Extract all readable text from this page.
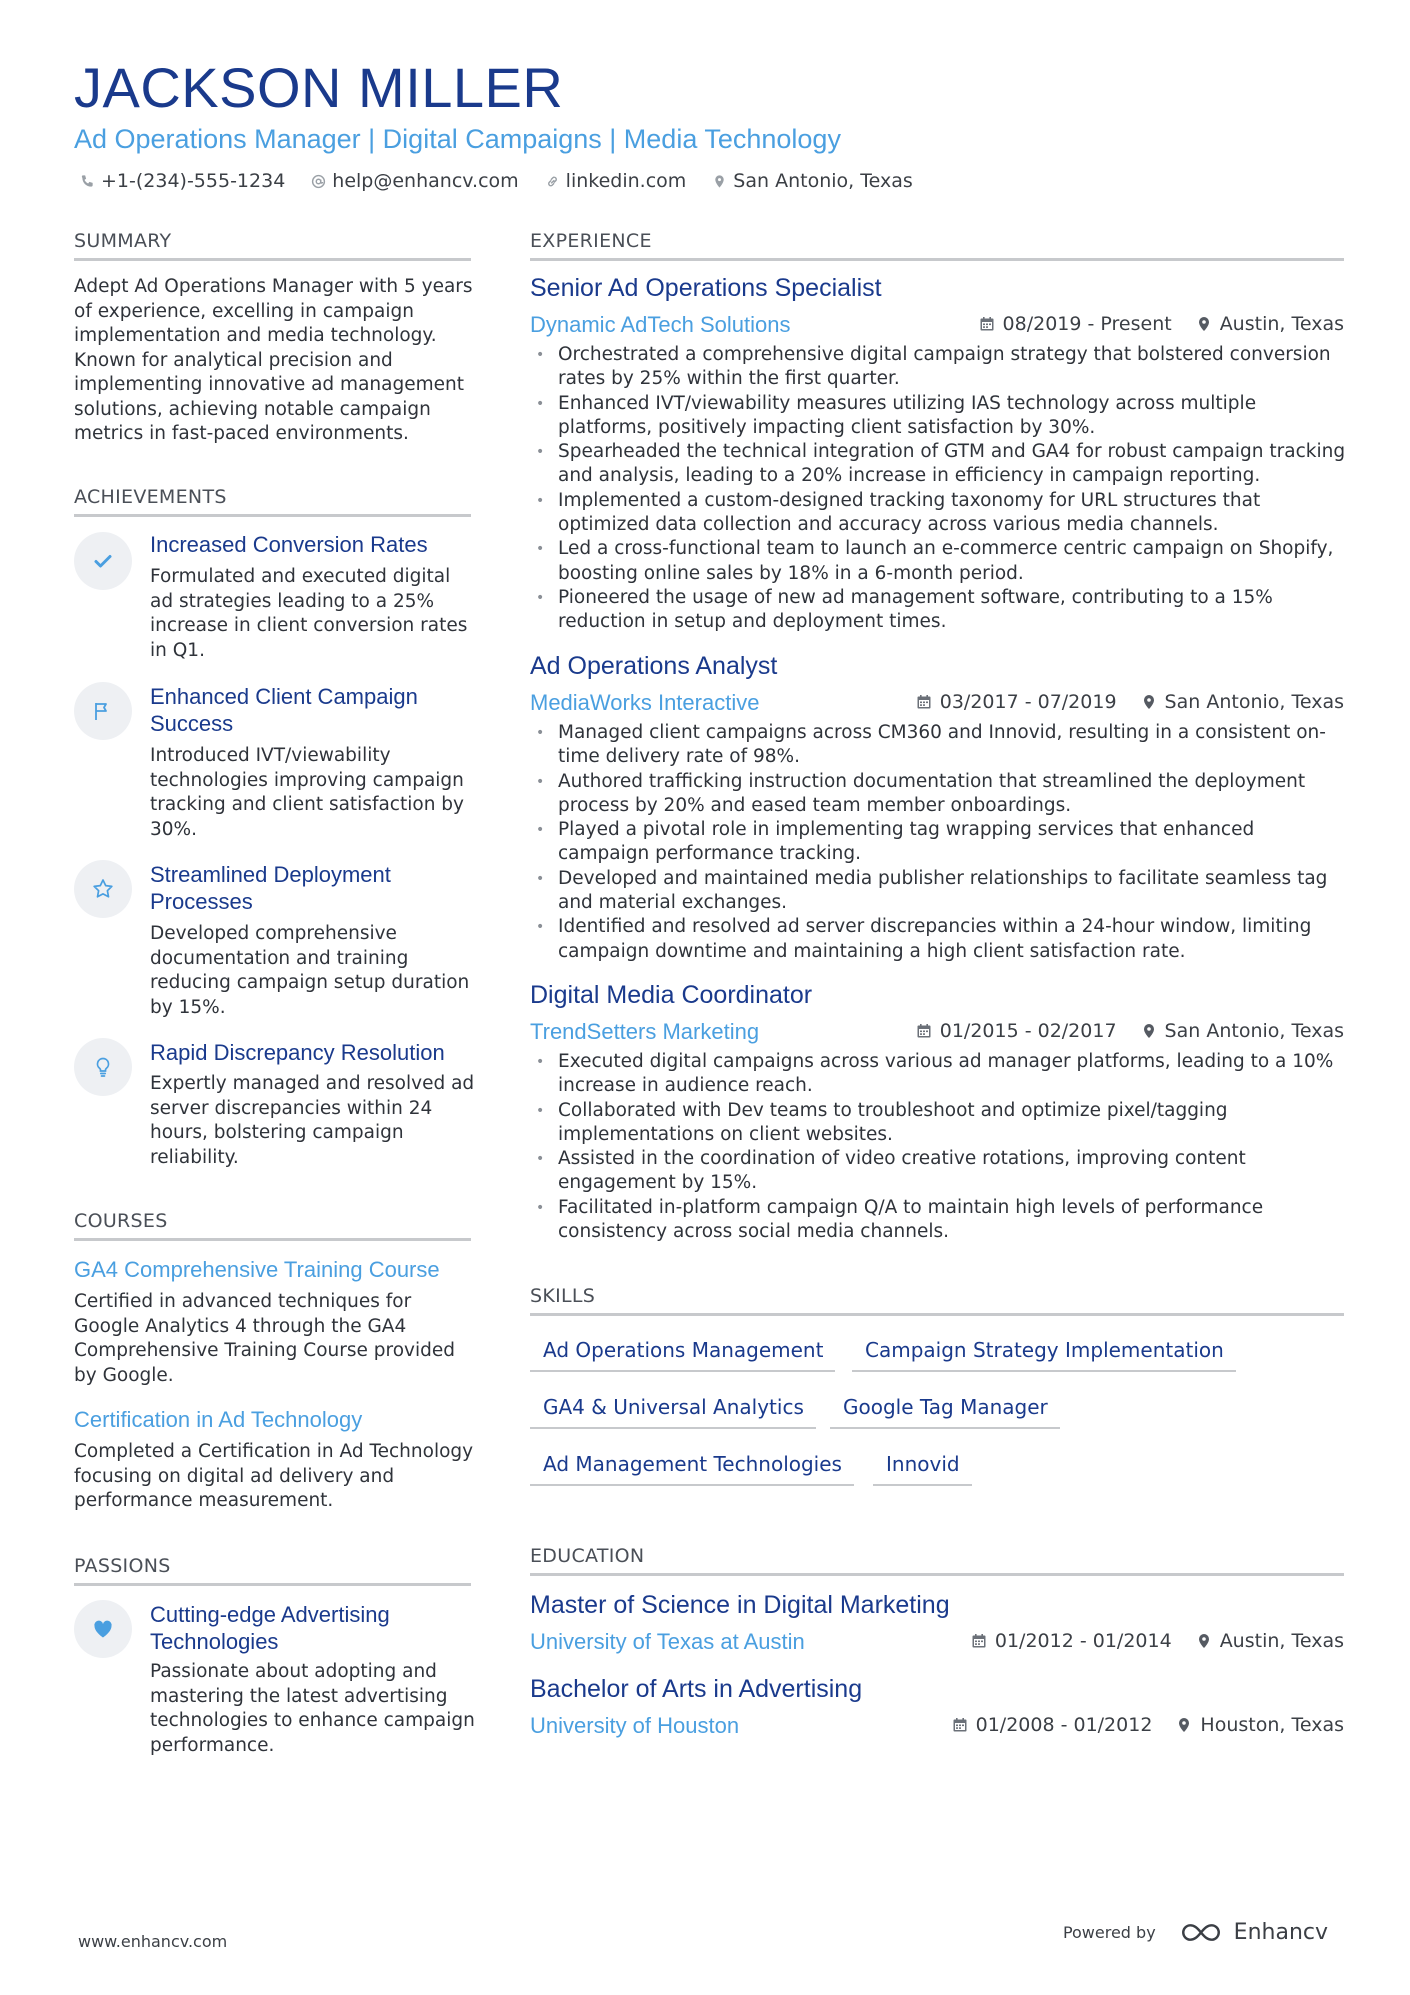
JACKSON MILLER
Ad Operations Manager | Digital Campaigns | Media Technology
+1-(234)-555-1234 help@enhancv.com linkedin.com San Antonio, Texas
SUMMARY
Adept Ad Operations Manager with 5 years of experience, excelling in campaign implementation and media technology. Known for analytical precision and implementing innovative ad management solutions, achieving notable campaign metrics in fast-paced environments.
ACHIEVEMENTS
Increased Conversion Rates
Formulated and executed digital ad strategies leading to a 25% increase in client conversion rates in Q1.
Enhanced Client Campaign Success
Introduced IVT/viewability technologies improving campaign tracking and client satisfaction by 30%.
Streamlined Deployment Processes
Developed comprehensive documentation and training reducing campaign setup duration by 15%.
Rapid Discrepancy Resolution
Expertly managed and resolved ad server discrepancies within 24 hours, bolstering campaign reliability.
COURSES
GA4 Comprehensive Training Course
Certified in advanced techniques for Google Analytics 4 through the GA4 Comprehensive Training Course provided by Google.
Certification in Ad Technology
Completed a Certification in Ad Technology focusing on digital ad delivery and performance measurement.
PASSIONS
Cutting-edge Advertising Technologies
Passionate about adopting and mastering the latest advertising technologies to enhance campaign performance.
EXPERIENCE
Senior Ad Operations Specialist
Dynamic AdTech Solutions	08/2019 - Present	Austin, Texas
• Orchestrated a comprehensive digital campaign strategy that bolstered conversion rates by 25% within the first quarter.
• Enhanced IVT/viewability measures utilizing IAS technology across multiple platforms, positively impacting client satisfaction by 30%.
• Spearheaded the technical integration of GTM and GA4 for robust campaign tracking and analysis, leading to a 20% increase in efficiency in campaign reporting.
• Implemented a custom-designed tracking taxonomy for URL structures that optimized data collection and accuracy across various media channels.
• Led a cross-functional team to launch an e-commerce centric campaign on Shopify, boosting online sales by 18% in a 6-month period.
• Pioneered the usage of new ad management software, contributing to a 15% reduction in setup and deployment times.
Ad Operations Analyst
MediaWorks Interactive	03/2017 - 07/2019	San Antonio, Texas
• Managed client campaigns across CM360 and Innovid, resulting in a consistent on-time delivery rate of 98%.
• Authored trafficking instruction documentation that streamlined the deployment process by 20% and eased team member onboardings.
• Played a pivotal role in implementing tag wrapping services that enhanced campaign performance tracking.
• Developed and maintained media publisher relationships to facilitate seamless tag and material exchanges.
• Identified and resolved ad server discrepancies within a 24-hour window, limiting campaign downtime and maintaining a high client satisfaction rate.
Digital Media Coordinator
TrendSetters Marketing	01/2015 - 02/2017	San Antonio, Texas
• Executed digital campaigns across various ad manager platforms, leading to a 10% increase in audience reach.
• Collaborated with Dev teams to troubleshoot and optimize pixel/tagging implementations on client websites.
• Assisted in the coordination of video creative rotations, improving content engagement by 15%.
• Facilitated in-platform campaign Q/A to maintain high levels of performance consistency across social media channels.
SKILLS
Ad Operations Management	Campaign Strategy Implementation
GA4 & Universal Analytics	Google Tag Manager
Ad Management Technologies	Innovid
EDUCATION
Master of Science in Digital Marketing
University of Texas at Austin	01/2012 - 01/2014	Austin, Texas
Bachelor of Arts in Advertising
University of Houston	01/2008 - 01/2012	Houston, Texas
www.enhancv.com	Powered by	Enhancv
